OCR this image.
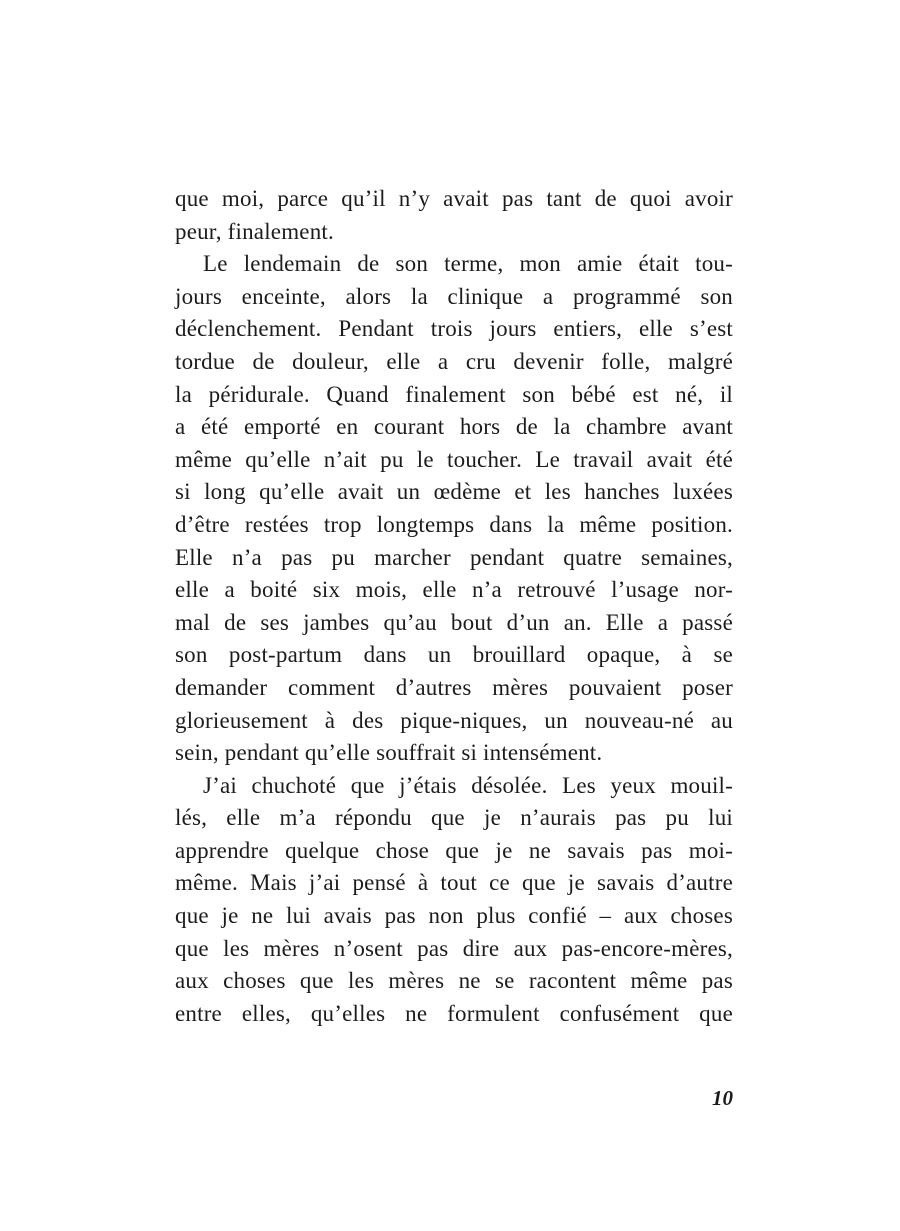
que moi, parce qu’il n’y avait pas tant de quoi avoir
peur, finalement.
Le lendemain de son terme, mon amie était tou-
jours enceinte, alors la clinique a programmé son
déclenchement. Pendant trois jours entiers, elle s’est
tordue de douleur, elle a cru devenir folle, malgré
la péridurale. Quand finalement son bébé est né, il
a été emporté en courant hors de la chambre avant
même qu’elle n’ait pu le toucher. Le travail avait été
si long qu’elle avait un œdème et les hanches luxées
d’être restées trop longtemps dans la même position.
Elle n’a pas pu marcher pendant quatre semaines,
elle a boité six mois, elle n’a retrouvé l’usage nor-
mal de ses jambes qu’au bout d’un an. Elle a passé
son post-partum dans un brouillard opaque, à se
demander comment d’autres mères pouvaient poser
glorieusement à des pique-niques, un nouveau-né au
sein, pendant qu’elle souffrait si intensément.
J’ai chuchoté que j’étais désolée. Les yeux mouil-
lés, elle m’a répondu que je n’aurais pas pu lui
apprendre quelque chose que je ne savais pas moi-
même. Mais j’ai pensé à tout ce que je savais d’autre
que je ne lui avais pas non plus confié – aux choses
que les mères n’osent pas dire aux pas-encore-mères,
aux choses que les mères ne se racontent même pas
entre elles, qu’elles ne formulent confusément que
10
